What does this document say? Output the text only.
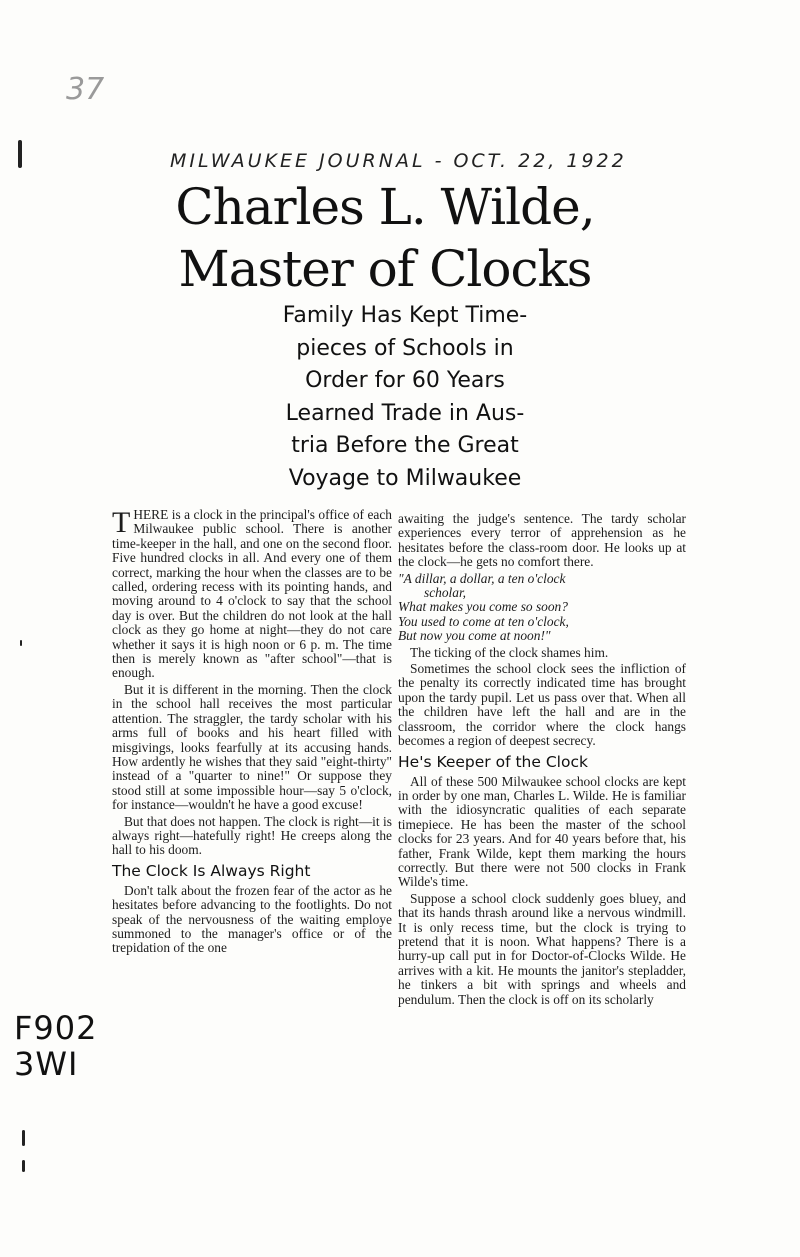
37
MILWAUKEE JOURNAL - OCT. 22, 1922
Charles L. Wilde,
Master of Clocks
Family Has Kept Time-
pieces of Schools in
Order for 60 Years
Learned Trade in Aus-
tria Before the Great
Voyage to Milwaukee

THERE is a clock in the principal's office of each Milwaukee public school. There is another time-keeper in the hall, and one on the second floor. Five hundred clocks in all. And every one of them correct, marking the hour when the classes are to be called, ordering recess with its pointing hands, and moving around to 4 o'clock to say that the school day is over. But the children do not look at the hall clock as they go home at night—they do not care whether it says it is high noon or 6 p. m. The time then is merely known as "after school"—that is enough.

But it is different in the morning. Then the clock in the school hall receives the most particular attention. The straggler, the tardy scholar with his arms full of books and his heart filled with misgivings, looks fearfully at its accusing hands. How ardently he wishes that they said "eight-thirty" instead of a "quarter to nine!" Or suppose they stood still at some impossible hour—say 5 o'clock, for instance—wouldn't he have a good excuse!

But that does not happen. The clock is right—it is always right—hatefully right! He creeps along the hall to his doom.

The Clock Is Always Right

Don't talk about the frozen fear of the actor as he hesitates before advancing to the footlights. Do not speak of the nervousness of the waiting employe summoned to the manager's office or of the trepidation of the one

awaiting the judge's sentence. The tardy scholar experiences every terror of apprehension as he hesitates before the class-room door. He looks up at the clock—he gets no comfort there.

"A dillar, a dollar, a ten o'clock
scholar,
What makes you come so soon?
You used to come at ten o'clock,
But now you come at noon!"

The ticking of the clock shames him.

Sometimes the school clock sees the infliction of the penalty its correctly indicated time has brought upon the tardy pupil. Let us pass over that. When all the children have left the hall and are in the classroom, the corridor where the clock hangs becomes a region of deepest secrecy.

He's Keeper of the Clock

All of these 500 Milwaukee school clocks are kept in order by one man, Charles L. Wilde. He is familiar with the idiosyncratic qualities of each separate timepiece. He has been the master of the school clocks for 23 years. And for 40 years before that, his father, Frank Wilde, kept them marking the hours correctly. But there were not 500 clocks in Frank Wilde's time.

Suppose a school clock suddenly goes bluey, and that its hands thrash around like a nervous windmill. It is only recess time, but the clock is trying to pretend that it is noon. What happens? There is a hurry-up call put in for Doctor-of-Clocks Wilde. He arrives with a kit. He mounts the janitor's stepladder, he tinkers a bit with springs and wheels and pendulum. Then the clock is off on its scholarly

F902
3WI
